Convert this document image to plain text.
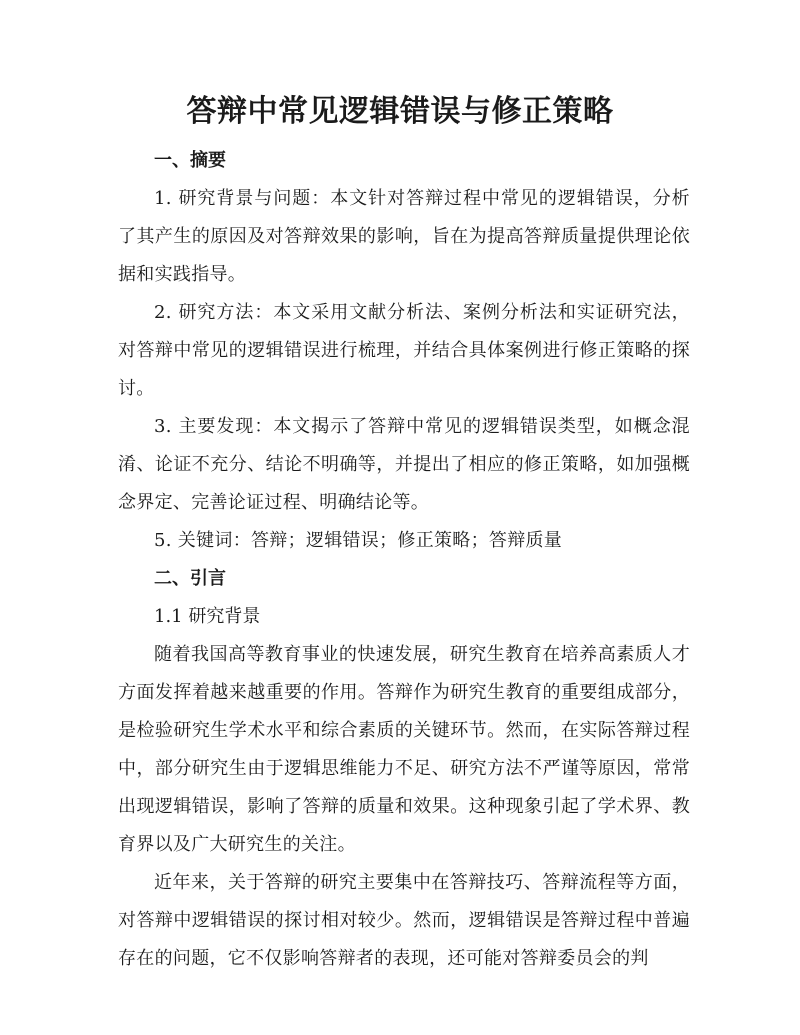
答辩中常见逻辑错误与修正策略
一、摘要

1. 研究背景与问题：本文针对答辩过程中常见的逻辑错误，分析了其产生的原因及对答辩效果的影响，旨在为提高答辩质量提供理论依据和实践指导。

2. 研究方法：本文采用文献分析法、案例分析法和实证研究法，对答辩中常见的逻辑错误进行梳理，并结合具体案例进行修正策略的探讨。

3. 主要发现：本文揭示了答辩中常见的逻辑错误类型，如概念混淆、论证不充分、结论不明确等，并提出了相应的修正策略，如加强概念界定、完善论证过程、明确结论等。

5. 关键词：答辩；逻辑错误；修正策略；答辩质量

二、引言

1.1 研究背景

随着我国高等教育事业的快速发展，研究生教育在培养高素质人才方面发挥着越来越重要的作用。答辩作为研究生教育的重要组成部分，是检验研究生学术水平和综合素质的关键环节。然而，在实际答辩过程中，部分研究生由于逻辑思维能力不足、研究方法不严谨等原因，常常出现逻辑错误，影响了答辩的质量和效果。这种现象引起了学术界、教育界以及广大研究生的关注。

近年来，关于答辩的研究主要集中在答辩技巧、答辩流程等方面，对答辩中逻辑错误的探讨相对较少。然而，逻辑错误是答辩过程中普遍存在的问题，它不仅影响答辩者的表现，还可能对答辩委员会的判
